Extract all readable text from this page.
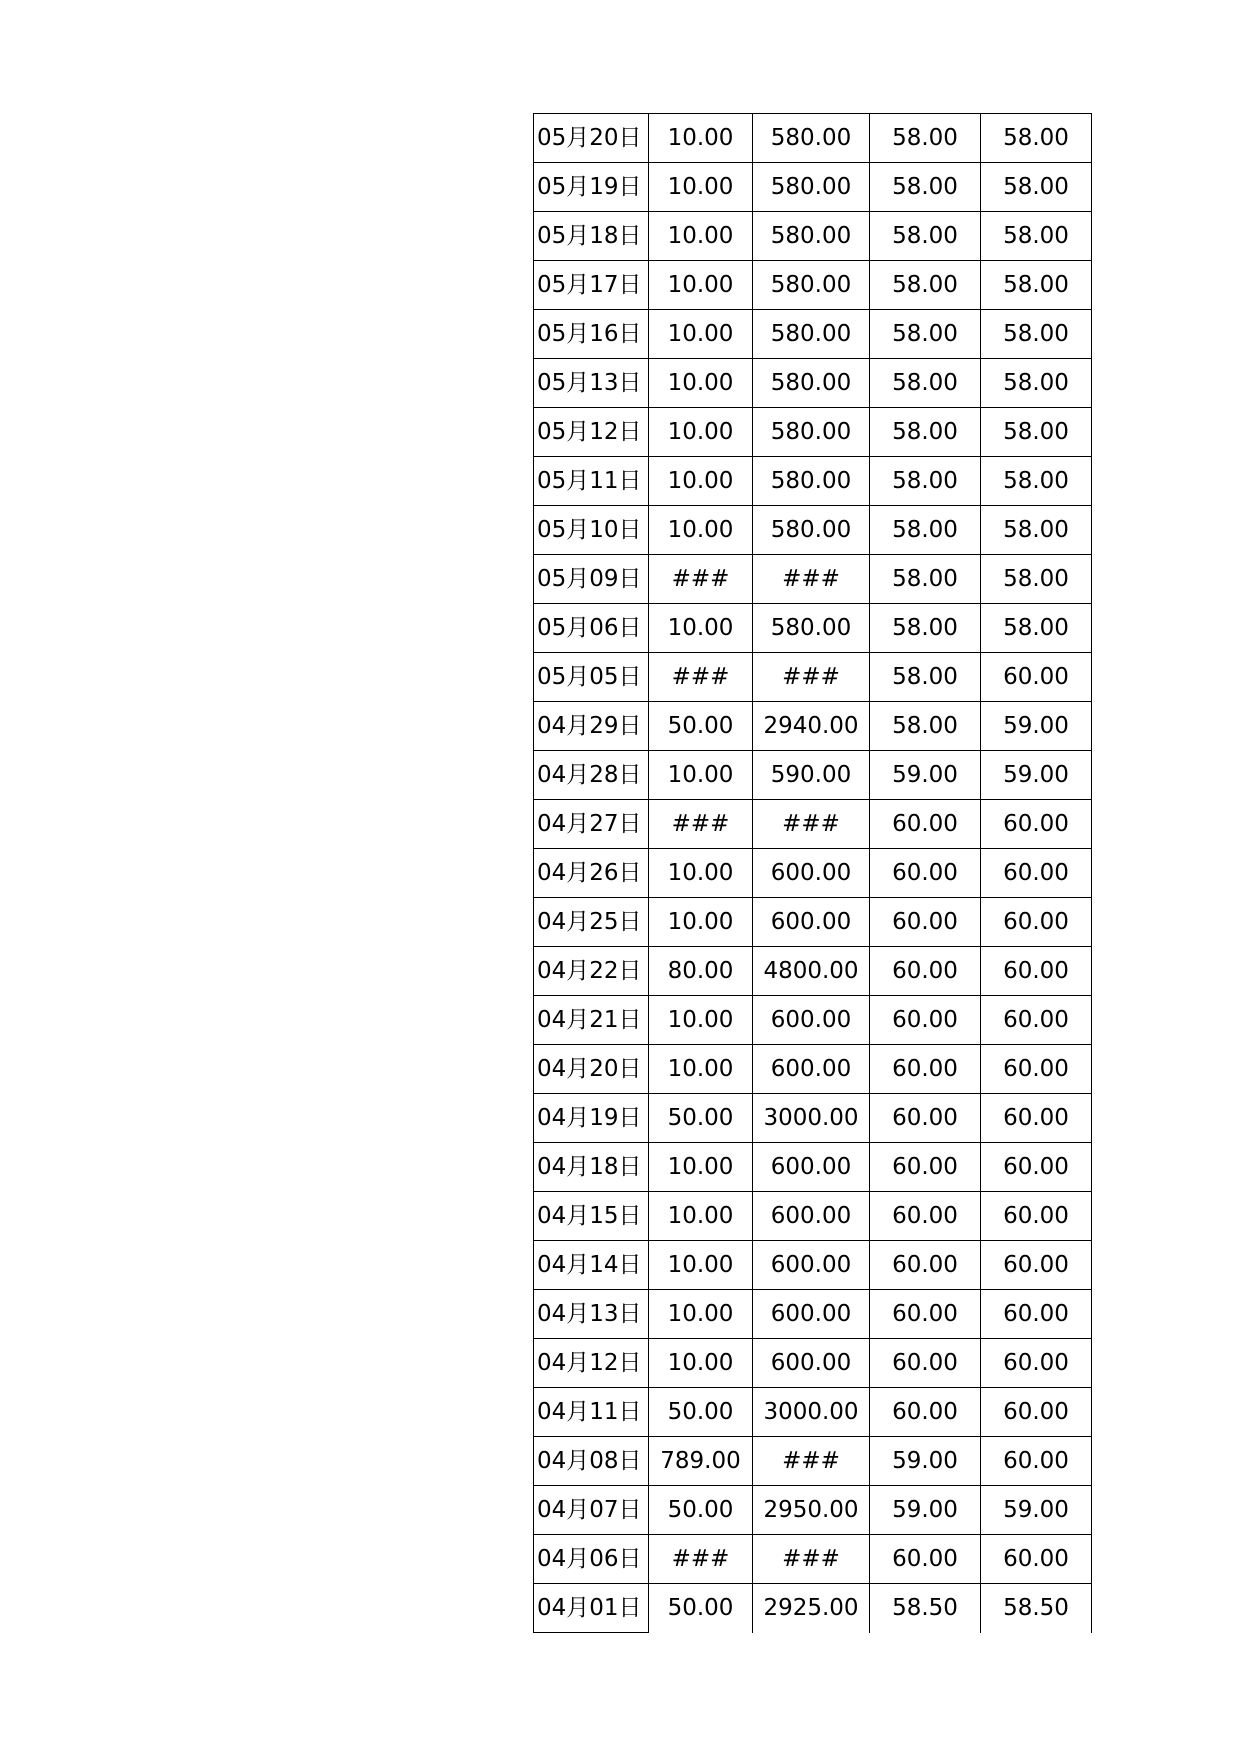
05月20日	10.00	580.00	58.00	58.00
05月19日	10.00	580.00	58.00	58.00
05月18日	10.00	580.00	58.00	58.00
05月17日	10.00	580.00	58.00	58.00
05月16日	10.00	580.00	58.00	58.00
05月13日	10.00	580.00	58.00	58.00
05月12日	10.00	580.00	58.00	58.00
05月11日	10.00	580.00	58.00	58.00
05月10日	10.00	580.00	58.00	58.00
05月09日	###	###	58.00	58.00
05月06日	10.00	580.00	58.00	58.00
05月05日	###	###	58.00	60.00
04月29日	50.00	2940.00	58.00	59.00
04月28日	10.00	590.00	59.00	59.00
04月27日	###	###	60.00	60.00
04月26日	10.00	600.00	60.00	60.00
04月25日	10.00	600.00	60.00	60.00
04月22日	80.00	4800.00	60.00	60.00
04月21日	10.00	600.00	60.00	60.00
04月20日	10.00	600.00	60.00	60.00
04月19日	50.00	3000.00	60.00	60.00
04月18日	10.00	600.00	60.00	60.00
04月15日	10.00	600.00	60.00	60.00
04月14日	10.00	600.00	60.00	60.00
04月13日	10.00	600.00	60.00	60.00
04月12日	10.00	600.00	60.00	60.00
04月11日	50.00	3000.00	60.00	60.00
04月08日	789.00	###	59.00	60.00
04月07日	50.00	2950.00	59.00	59.00
04月06日	###	###	60.00	60.00
04月01日	50.00	2925.00	58.50	58.50
